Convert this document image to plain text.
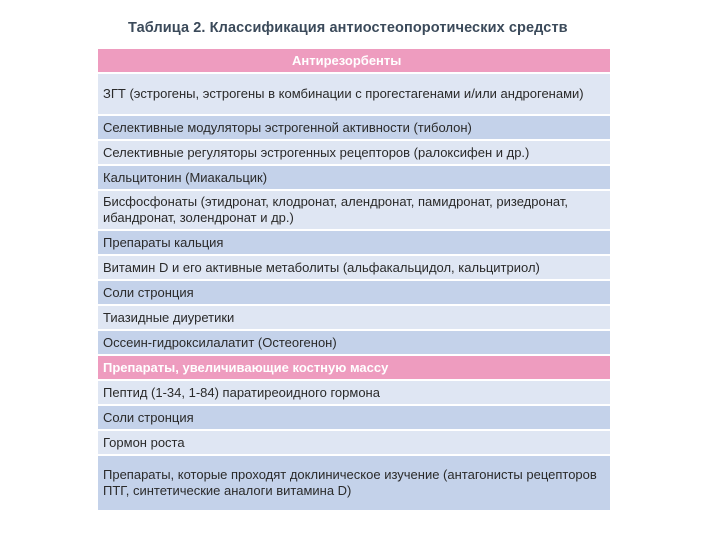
Таблица 2. Классификация антиостеопоротических средств
Антирезорбенты
ЗГТ (эстрогены, эстрогены в комбинации с прогестагенами и/или андрогенами)
Селективные модуляторы эстрогенной активности (тиболон)
Селективные регуляторы эстрогенных рецепторов (ралоксифен и др.)
Кальцитонин (Миакальцик)
Бисфосфонаты (этидронат, клодронат, алендронат, памидронат, ризедронат, ибандронат, золендронат и др.)
Препараты кальция
Витамин D и его активные метаболиты (альфакальцидол, кальцитриол)
Соли стронция
Тиазидные диуретики
Оссеин-гидроксилалатит (Остеогенон)
Препараты, увеличивающие костную массу
Пептид (1-34, 1-84) паратиреоидного гормона
Соли стронция
Гормон роста
Препараты, которые проходят доклиническое изучение (антагонисты рецепторов ПТГ, синтетические аналоги витамина D)
